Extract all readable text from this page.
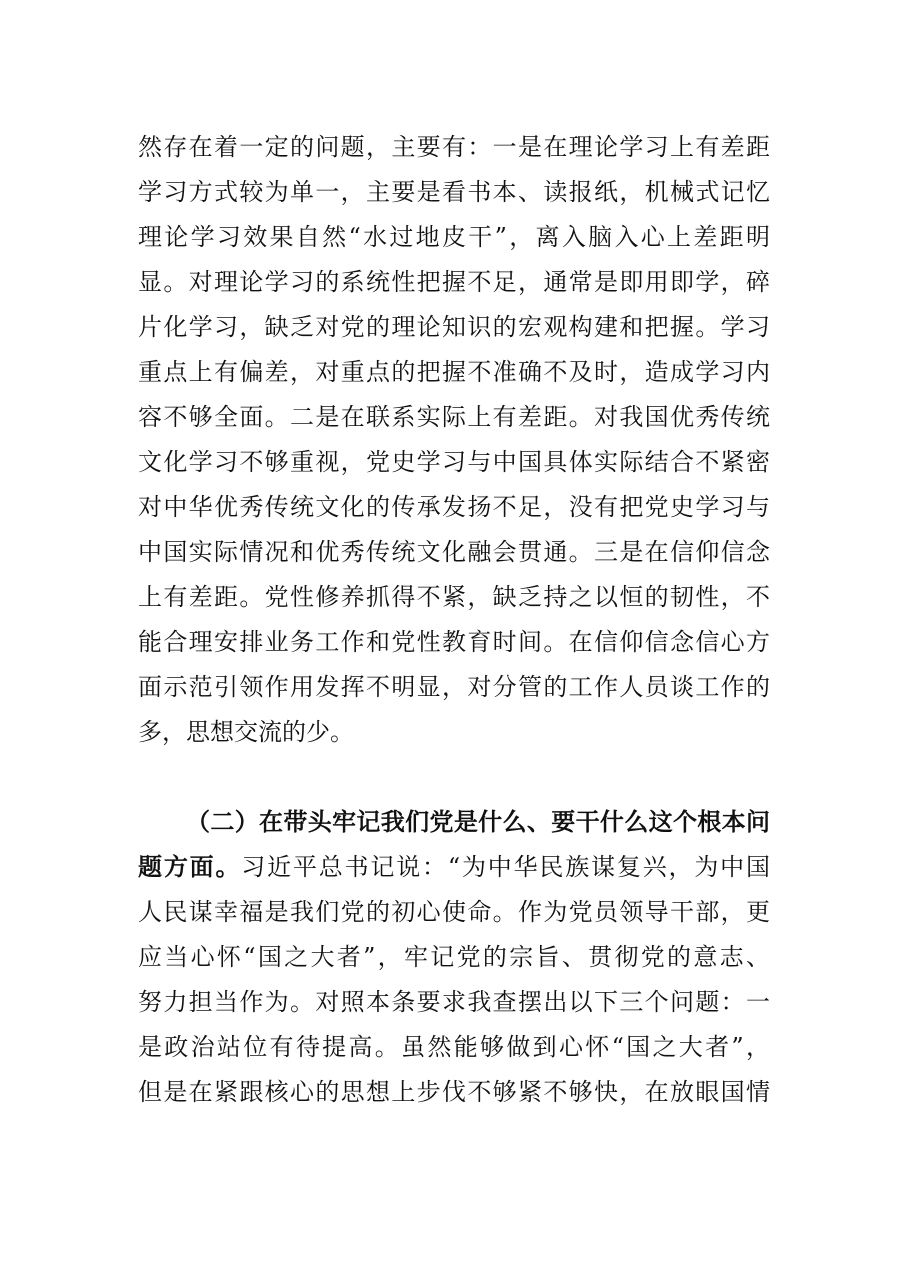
然存在着一定的问题，主要有：一是在理论学习上有差距
学习方式较为单一，主要是看书本、读报纸，机械式记忆
理论学习效果自然“水过地皮干”，离入脑入心上差距明
显。对理论学习的系统性把握不足，通常是即用即学，碎
片化学习，缺乏对党的理论知识的宏观构建和把握。学习
重点上有偏差，对重点的把握不准确不及时，造成学习内
容不够全面。二是在联系实际上有差距。对我国优秀传统
文化学习不够重视，党史学习与中国具体实际结合不紧密
对中华优秀传统文化的传承发扬不足，没有把党史学习与
中国实际情况和优秀传统文化融会贯通。三是在信仰信念
上有差距。党性修养抓得不紧，缺乏持之以恒的韧性，不
能合理安排业务工作和党性教育时间。在信仰信念信心方
面示范引领作用发挥不明显，对分管的工作人员谈工作的
多，思想交流的少。
（二）在带头牢记我们党是什么、要干什么这个根本问
题方面。习近平总书记说：“为中华民族谋复兴，为中国
人民谋幸福是我们党的初心使命。作为党员领导干部，更
应当心怀“国之大者”，牢记党的宗旨、贯彻党的意志、
努力担当作为。对照本条要求我查摆出以下三个问题：一
是政治站位有待提高。虽然能够做到心怀“国之大者”，
但是在紧跟核心的思想上步伐不够紧不够快，在放眼国情
